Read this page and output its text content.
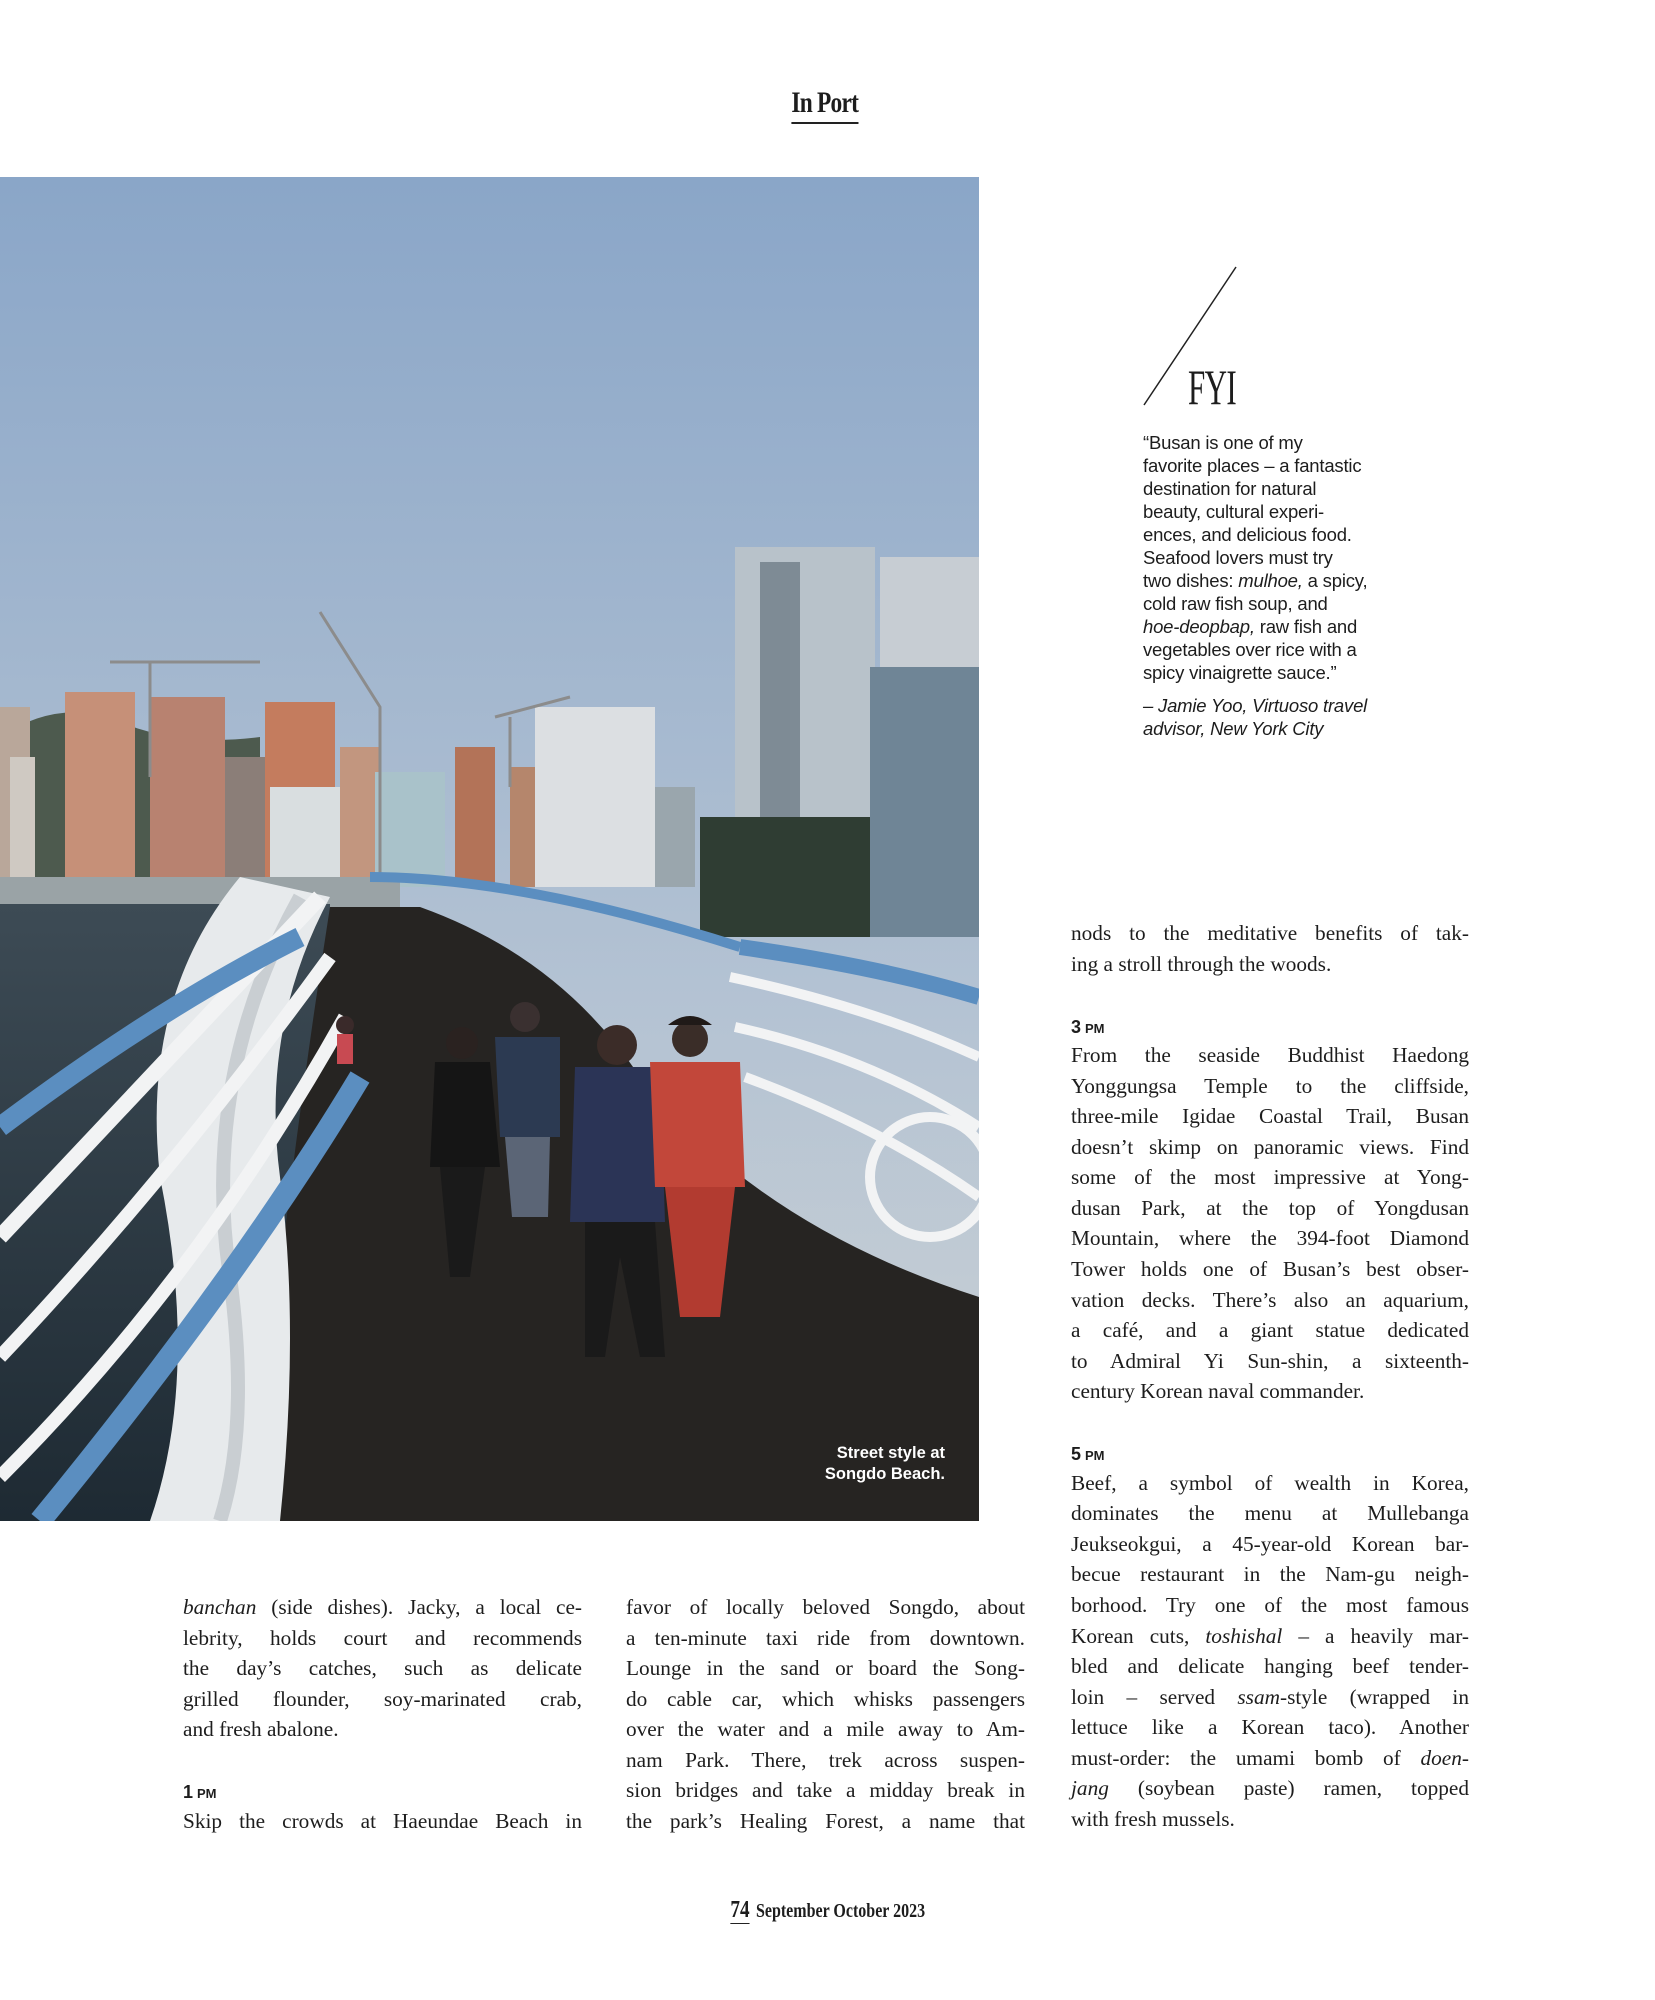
In Port
Street style at
Songdo Beach.
FYI

“Busan is one of my
favorite places – a fantastic
destination for natural
beauty, cultural experi-
ences, and delicious food.
Seafood lovers must try
two dishes: mulhoe, a spicy,
cold raw fish soup, and
hoe-deopbap, raw fish and
vegetables over rice with a
spicy vinaigrette sauce.”

– Jamie Yoo, Virtuoso travel
advisor, New York City

banchan (side dishes). Jacky, a local ce-
lebrity, holds court and recommends
the day’s catches, such as delicate
grilled flounder, soy-marinated crab,
and fresh abalone.
1 PM
Skip the crowds at Haeundae Beach in
favor of locally beloved Songdo, about
a ten-minute taxi ride from downtown.
Lounge in the sand or board the Song-
do cable car, which whisks passengers
over the water and a mile away to Am-
nam Park. There, trek across suspen-
sion bridges and take a midday break in
the park’s Healing Forest, a name that
nods to the meditative benefits of tak-
ing a stroll through the woods.
3 PM
From the seaside Buddhist Haedong
Yonggungsa Temple to the cliffside,
three-mile Igidae Coastal Trail, Busan
doesn’t skimp on panoramic views. Find
some of the most impressive at Yong-
dusan Park, at the top of Yongdusan
Mountain, where the 394-foot Diamond
Tower holds one of Busan’s best obser-
vation decks. There’s also an aquarium,
a café, and a giant statue dedicated
to Admiral Yi Sun-shin, a sixteenth-
century Korean naval commander.
5 PM
Beef, a symbol of wealth in Korea,
dominates the menu at Mullebanga
Jeukseokgui, a 45-year-old Korean bar-
becue restaurant in the Nam-gu neigh-
borhood. Try one of the most famous
Korean cuts, toshishal – a heavily mar-
bled and delicate hanging beef tender-
loin – served ssam-style (wrapped in
lettuce like a Korean taco). Another
must-order: the umami bomb of doen-
jang (soybean paste) ramen, topped
with fresh mussels.
74 September October 2023
